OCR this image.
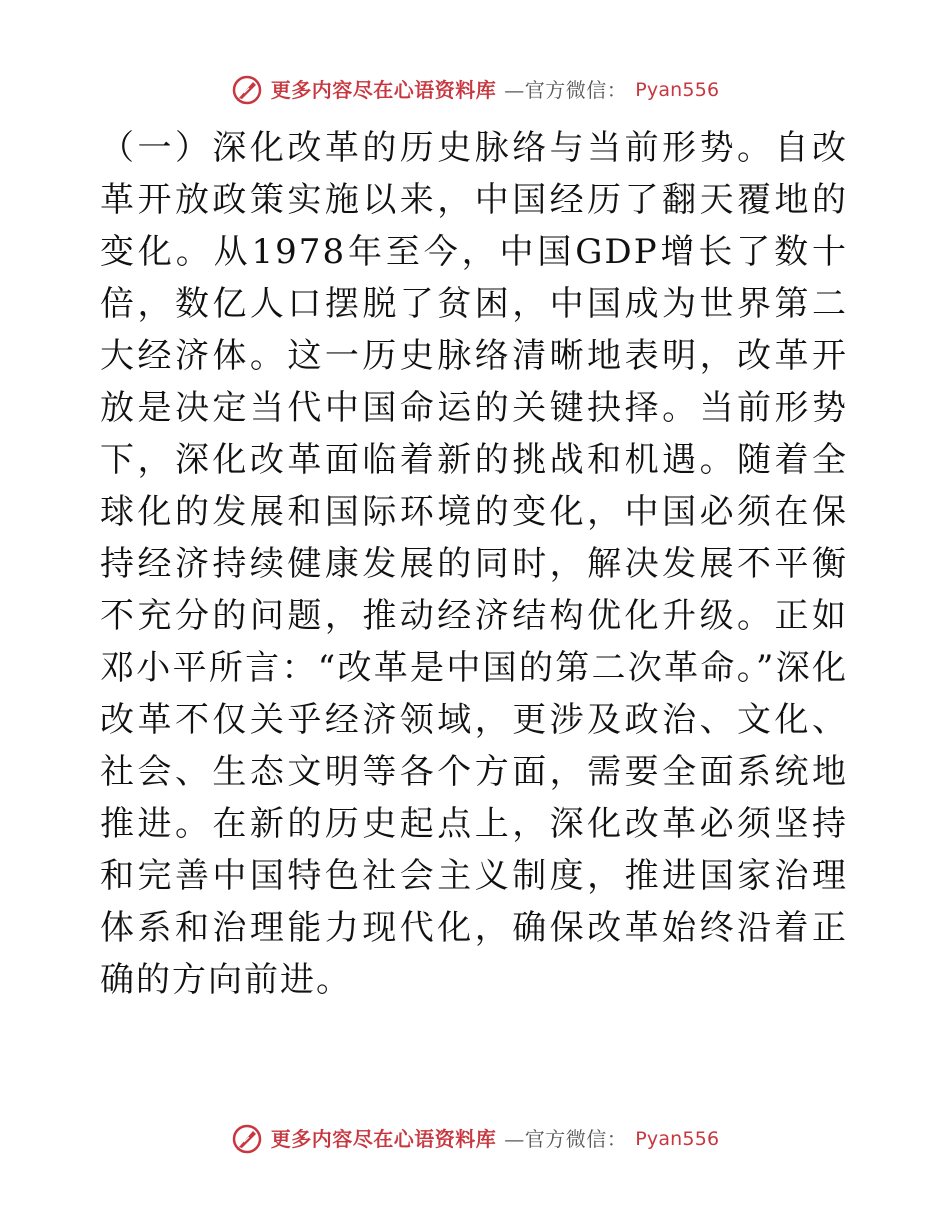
更多内容尽在心语资料库 —官方微信： Pyan556

（一）深化改革的历史脉络与当前形势。自改革开放政策实施以来，中国经历了翻天覆地的变化。从1978年至今，中国GDP增长了数十倍，数亿人口摆脱了贫困，中国成为世界第二大经济体。这一历史脉络清晰地表明，改革开放是决定当代中国命运的关键抉择。当前形势下，深化改革面临着新的挑战和机遇。随着全球化的发展和国际环境的变化，中国必须在保持经济持续健康发展的同时，解决发展不平衡不充分的问题，推动经济结构优化升级。正如邓小平所言：“改革是中国的第二次革命。”深化改革不仅关乎经济领域，更涉及政治、文化、社会、生态文明等各个方面，需要全面系统地推进。在新的历史起点上，深化改革必须坚持和完善中国特色社会主义制度，推进国家治理体系和治理能力现代化，确保改革始终沿着正确的方向前进。

更多内容尽在心语资料库 —官方微信： Pyan556
